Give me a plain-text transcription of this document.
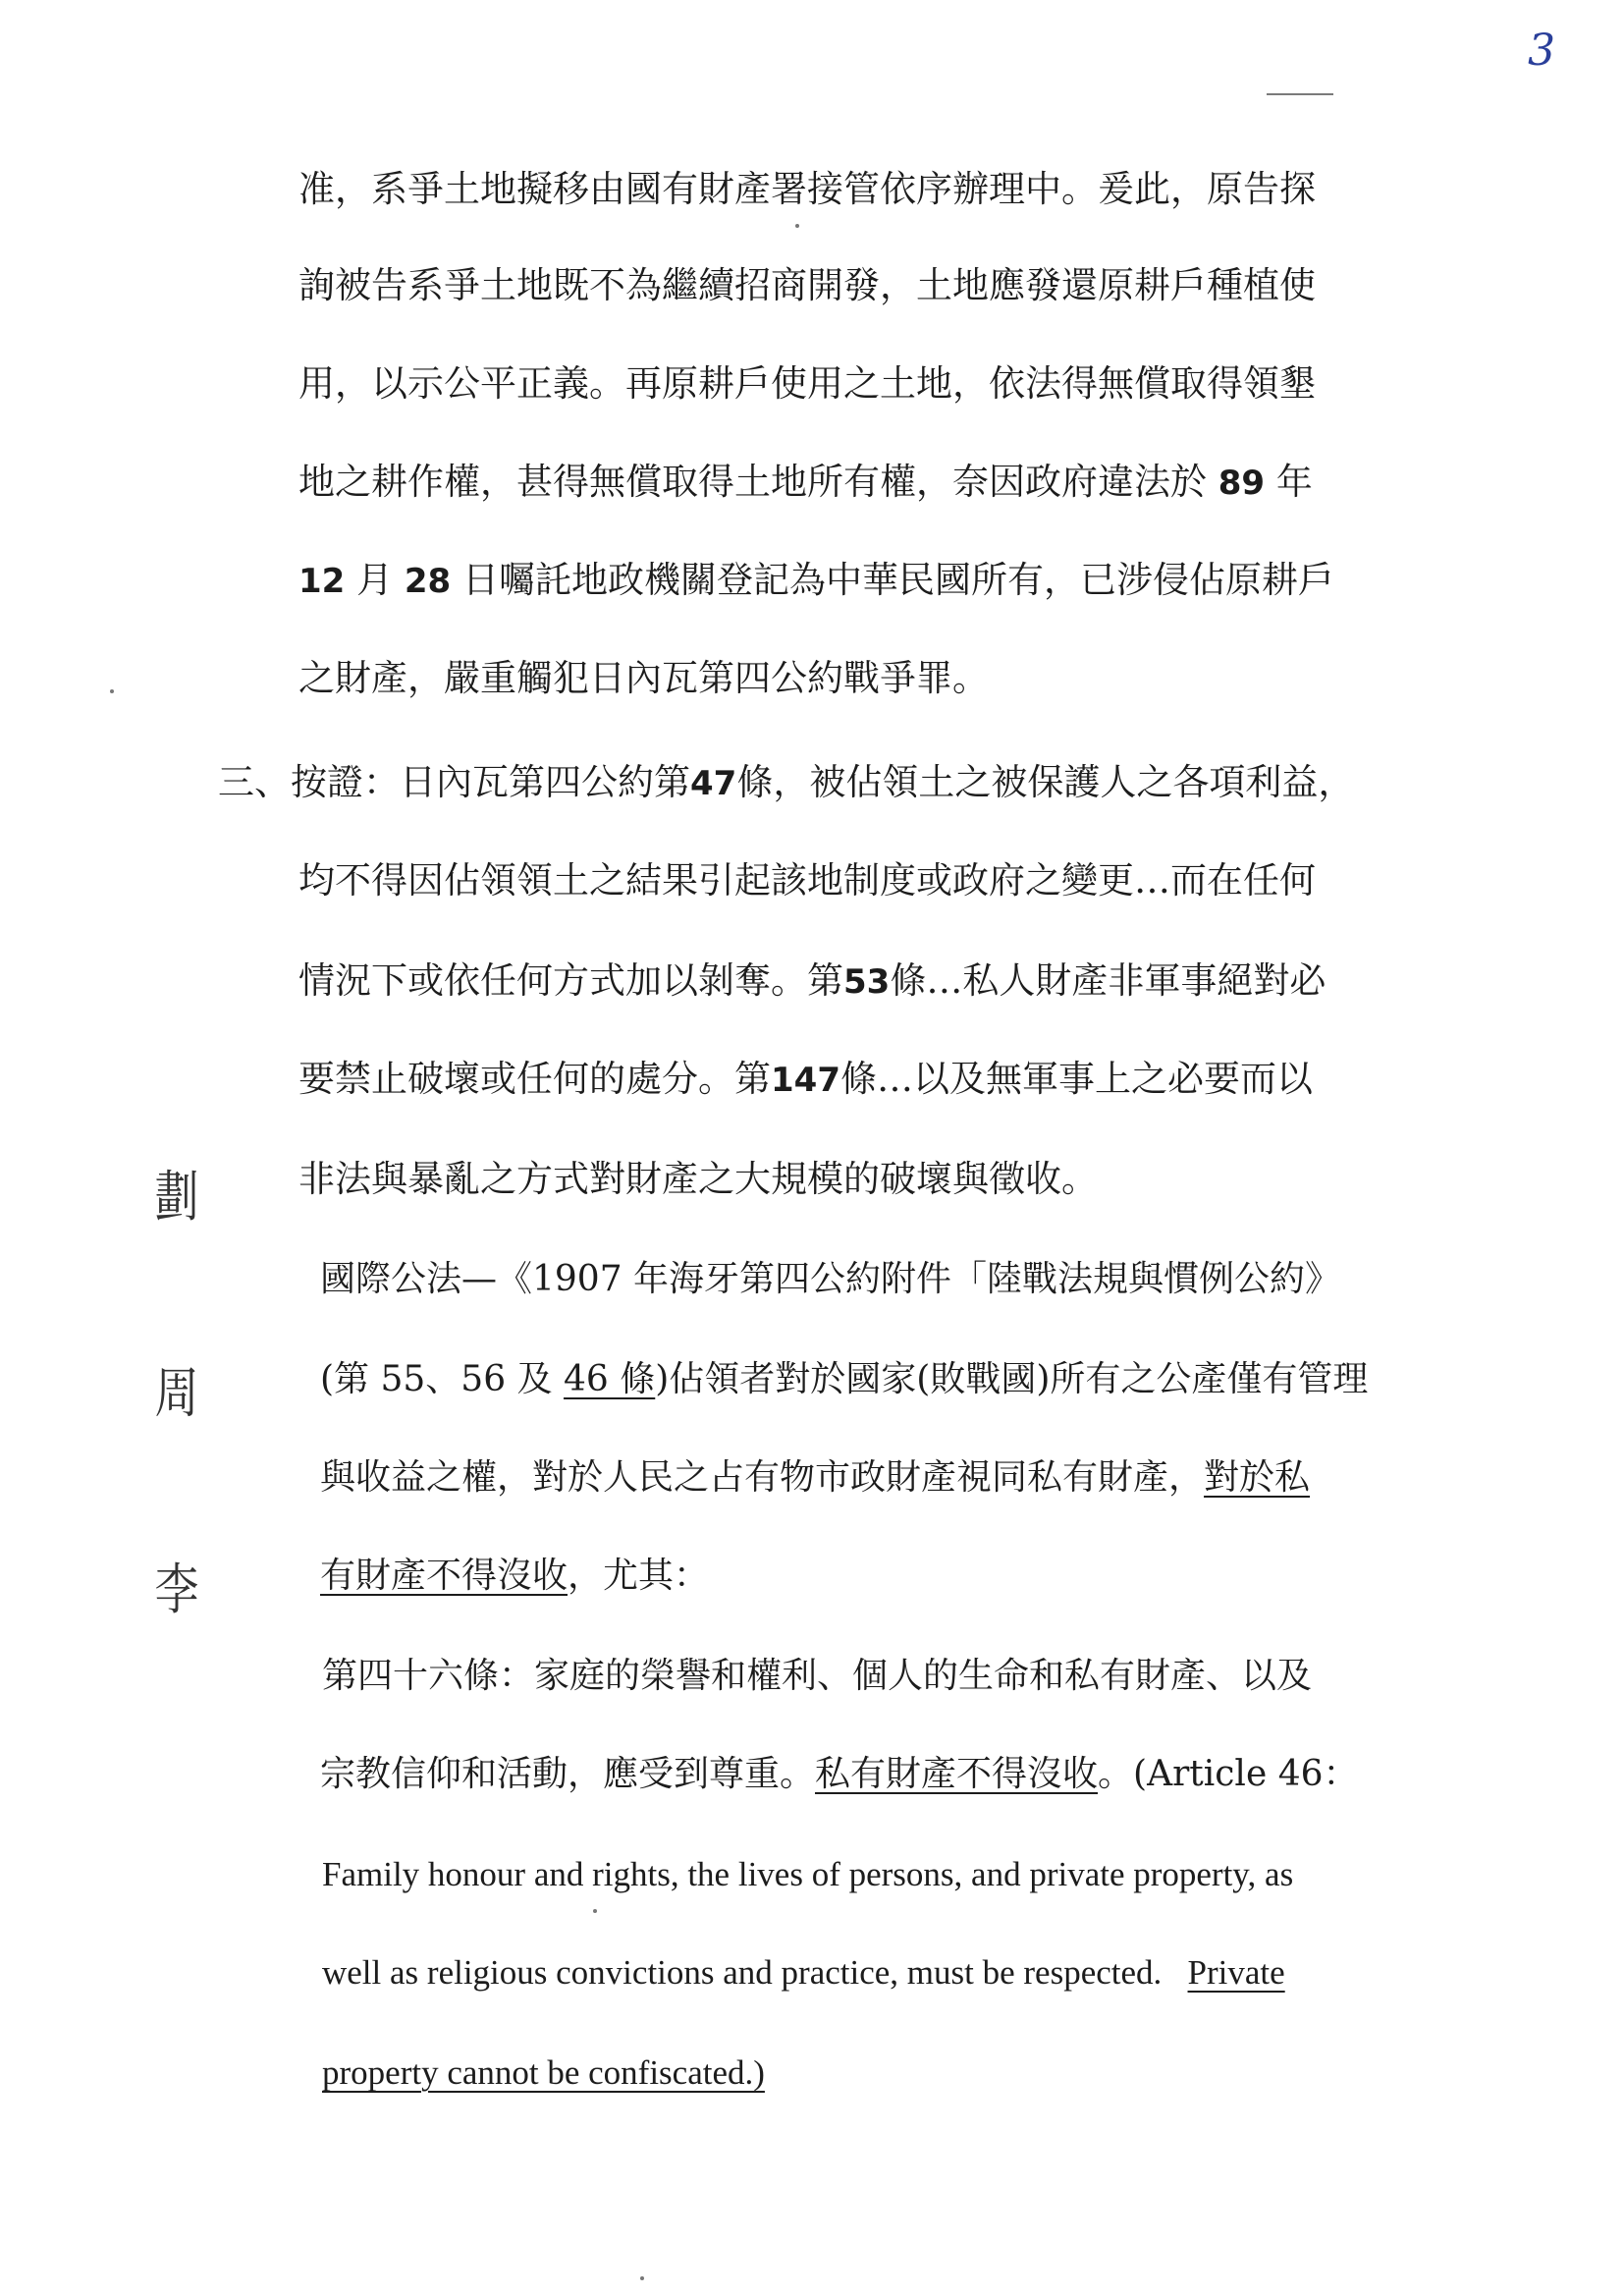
3
准，系爭土地擬移由國有財產署接管依序辦理中。爰此，原告探
詢被告系爭土地既不為繼續招商開發，土地應發還原耕戶種植使
用，以示公平正義。再原耕戶使用之土地，依法得無償取得領墾
地之耕作權，甚得無償取得土地所有權，奈因政府違法於 89 年
12 月 28 日囑託地政機關登記為中華民國所有，已涉侵佔原耕戶
之財產，嚴重觸犯日內瓦第四公約戰爭罪。
三、按證：日內瓦第四公約第47條，被佔領土之被保護人之各項利益，
均不得因佔領領土之結果引起該地制度或政府之變更…而在任何
情況下或依任何方式加以剝奪。第53條…私人財產非軍事絕對必
要禁止破壞或任何的處分。第147條…以及無軍事上之必要而以
非法與暴亂之方式對財產之大規模的破壞與徵收。
國際公法—《1907 年海牙第四公約附件「陸戰法規與慣例公約》
(第 55、56 及 46 條)佔領者對於國家(敗戰國)所有之公產僅有管理
與收益之權，對於人民之占有物市政財產視同私有財產，對於私
有財產不得沒收，尤其：
第四十六條：家庭的榮譽和權利、個人的生命和私有財產、以及
宗教信仰和活動，應受到尊重。私有財產不得沒收。(Article 46：
Family honour and rights, the lives of persons, and private property, as
well as religious convictions and practice, must be respected.   Private
property cannot be confiscated.)
劃
周
李
